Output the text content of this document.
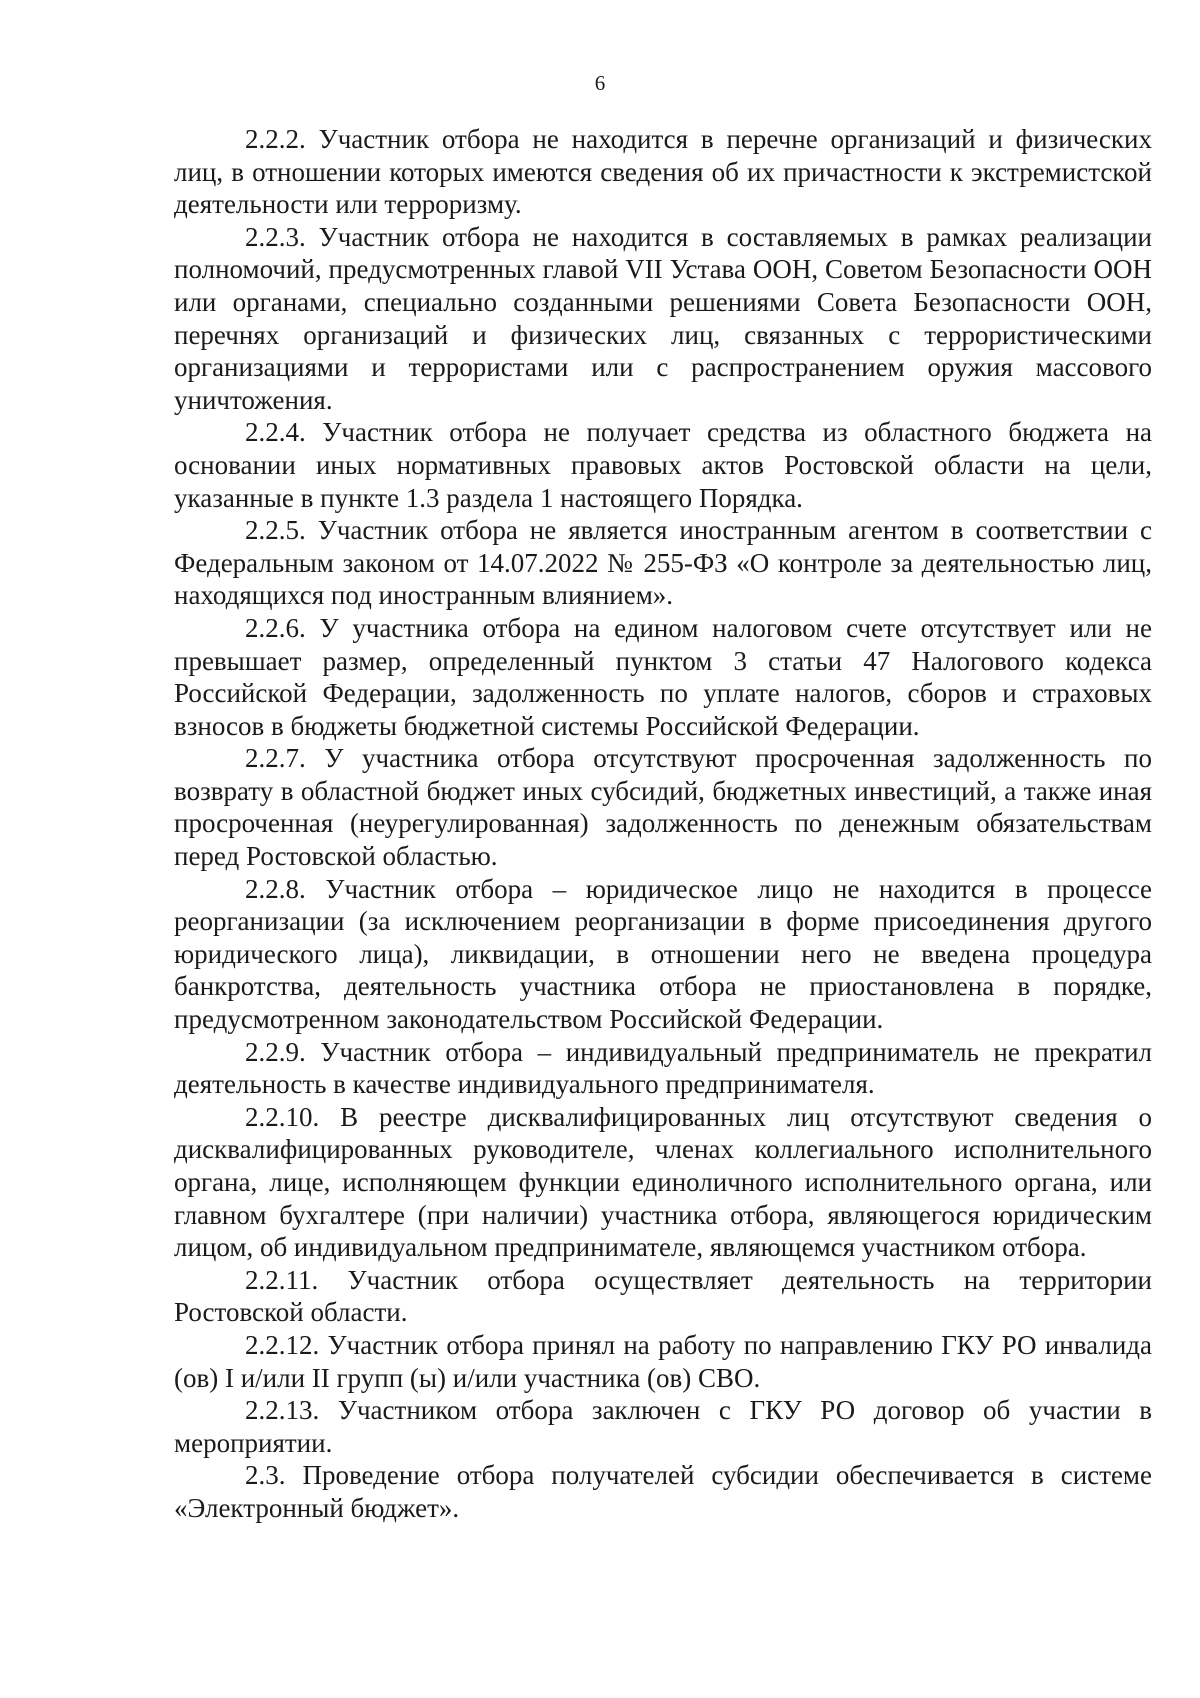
6

2.2.2. Участник отбора не находится в перечне организаций и физических лиц, в отношении которых имеются сведения об их причастности к экстремистской деятельности или терроризму.

2.2.3. Участник отбора не находится в составляемых в рамках реализации полномочий, предусмотренных главой VII Устава ООН, Советом Безопасности ООН или органами, специально созданными решениями Совета Безопасности ООН, перечнях организаций и физических лиц, связанных с террористическими организациями и террористами или с распространением оружия массового уничтожения.

2.2.4. Участник отбора не получает средства из областного бюджета на основании иных нормативных правовых актов Ростовской области на цели, указанные в пункте 1.3 раздела 1 настоящего Порядка.

2.2.5. Участник отбора не является иностранным агентом в соответствии с Федеральным законом от 14.07.2022 № 255-ФЗ «О контроле за деятельностью лиц, находящихся под иностранным влиянием».

2.2.6. У участника отбора на едином налоговом счете отсутствует или не превышает размер, определенный пунктом 3 статьи 47 Налогового кодекса Российской Федерации, задолженность по уплате налогов, сборов и страховых взносов в бюджеты бюджетной системы Российской Федерации.

2.2.7. У участника отбора отсутствуют просроченная задолженность по возврату в областной бюджет иных субсидий, бюджетных инвестиций, а также иная просроченная (неурегулированная) задолженность по денежным обязательствам перед Ростовской областью.

2.2.8. Участник отбора – юридическое лицо не находится в процессе реорганизации (за исключением реорганизации в форме присоединения другого юридического лица), ликвидации, в отношении него не введена процедура банкротства, деятельность участника отбора не приостановлена в порядке, предусмотренном законодательством Российской Федерации.

2.2.9. Участник отбора – индивидуальный предприниматель не прекратил деятельность в качестве индивидуального предпринимателя.

2.2.10. В реестре дисквалифицированных лиц отсутствуют сведения о дисквалифицированных руководителе, членах коллегиального исполнительного органа, лице, исполняющем функции единоличного исполнительного органа, или главном бухгалтере (при наличии) участника отбора, являющегося юридическим лицом, об индивидуальном предпринимателе, являющемся участником отбора.

2.2.11. Участник отбора осуществляет деятельность на территории Ростовской области.

2.2.12. Участник отбора принял на работу по направлению ГКУ РО инвалида (ов) I и/или II групп (ы) и/или участника (ов) СВО.

2.2.13. Участником отбора заключен с ГКУ РО договор об участии в мероприятии.

2.3. Проведение отбора получателей субсидии обеспечивается в системе «Электронный бюджет».
